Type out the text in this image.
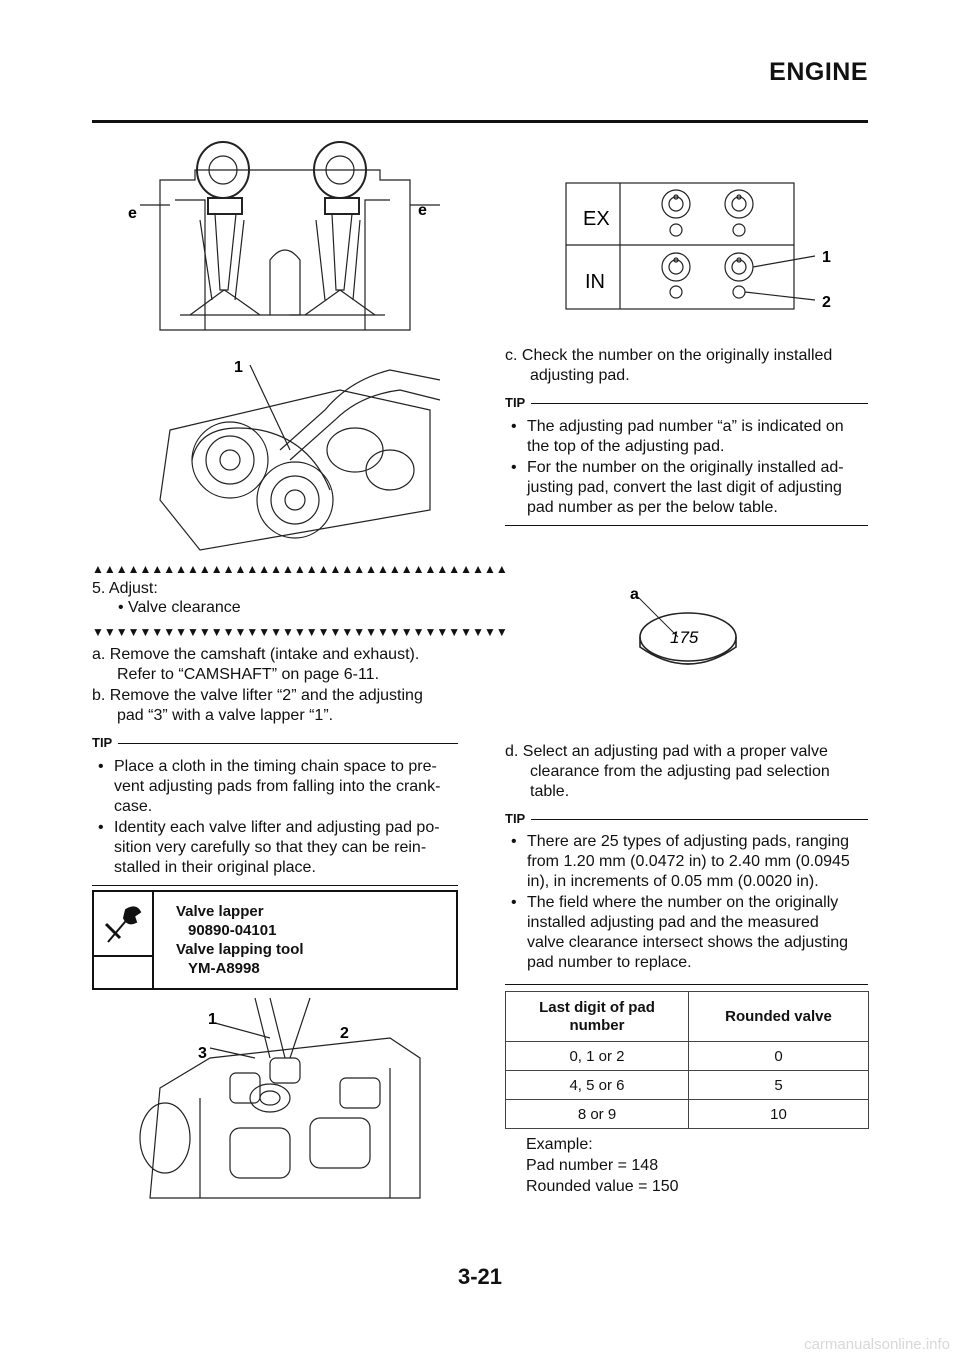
ENGINE
e	e
1
▲▲▲▲▲▲▲▲▲▲▲▲▲▲▲▲▲▲▲▲▲▲▲▲▲▲▲▲▲▲▲▲▲▲▲
5. Adjust:
• Valve clearance
▼▼▼▼▼▼▼▼▼▼▼▼▼▼▼▼▼▼▼▼▼▼▼▼▼▼▼▼▼▼▼▼▼▼▼
a. Remove the camshaft (intake and exhaust).
Refer to “CAMSHAFT” on page 6-11.
b. Remove the valve lifter “2” and the adjusting
pad “3” with a valve lapper “1”.
TIP
• Place a cloth in the timing chain space to pre-
vent adjusting pads from falling into the crank-
case.
• Identity each valve lifter and adjusting pad po-
sition very carefully so that they can be rein-
stalled in their original place.
Valve lapper
90890-04101
Valve lapping tool
YM-A8998
1
2
3
EX
IN
1
2
c. Check the number on the originally installed
adjusting pad.
TIP
• The adjusting pad number “a” is indicated on
the top of the adjusting pad.
• For the number on the originally installed ad-
justing pad, convert the last digit of adjusting
pad number as per the below table.
a
175
d. Select an adjusting pad with a proper valve
clearance from the adjusting pad selection
table.
TIP
• There are 25 types of adjusting pads, ranging
from 1.20 mm (0.0472 in) to 2.40 mm (0.0945
in), in increments of 0.05 mm (0.0020 in).
• The field where the number on the originally
installed adjusting pad and the measured
valve clearance intersect shows the adjusting
pad number to replace.
Last digit of pad
number	Rounded valve
0, 1 or 2	0
4, 5 or 6	5
8 or 9	10
Example:
Pad number = 148
Rounded value = 150
3-21
carmanualsonline.info
